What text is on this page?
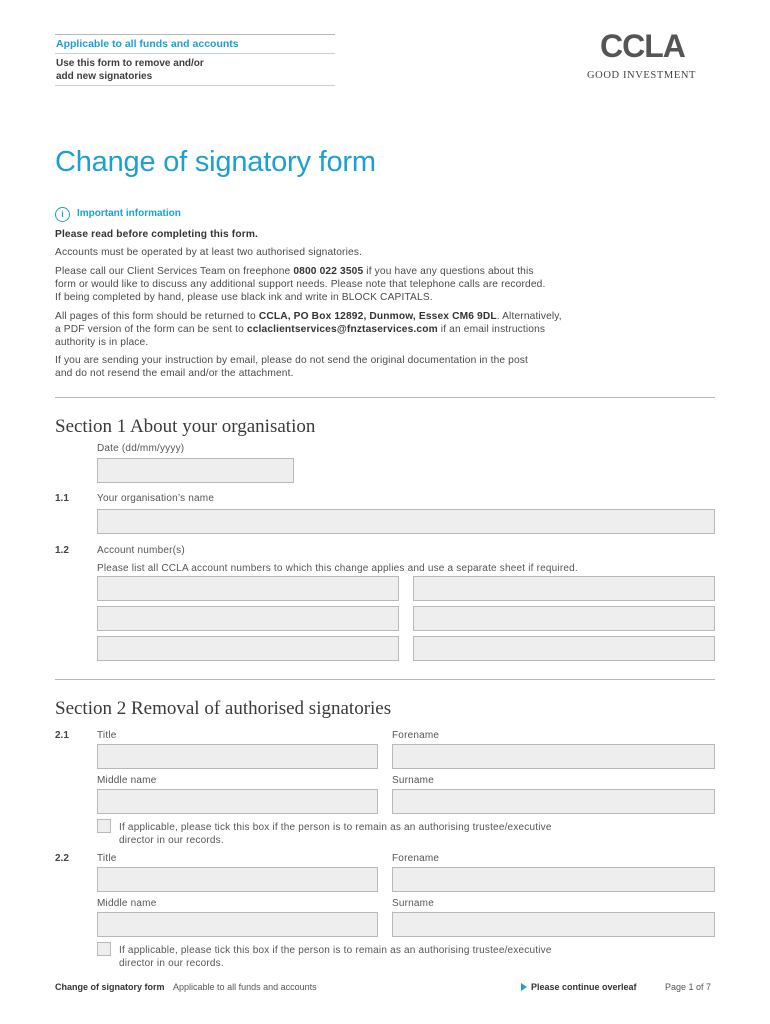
Applicable to all funds and accounts
Use this form to remove and/or
add new signatories
CCLA
GOOD INVESTMENT
Change of signatory form
i	Important information
Please read before completing this form.
Accounts must be operated by at least two authorised signatories.
Please call our Client Services Team on freephone 0800 022 3505 if you have any questions about this
form or would like to discuss any additional support needs. Please note that telephone calls are recorded.
If being completed by hand, please use black ink and write in BLOCK CAPITALS.
All pages of this form should be returned to CCLA, PO Box 12892, Dunmow, Essex CM6 9DL. Alternatively,
a PDF version of the form can be sent to cclaclientservices@fnztaservices.com if an email instructions
authority is in place.
If you are sending your instruction by email, please do not send the original documentation in the post
and do not resend the email and/or the attachment.
Section 1 About your organisation
Date (dd/mm/yyyy)
1.1	Your organisation’s name
1.2	Account number(s)
Please list all CCLA account numbers to which this change applies and use a separate sheet if required.
Section 2 Removal of authorised signatories
2.1	Title	Forename
Middle name	Surname
If applicable, please tick this box if the person is to remain as an authorising trustee/executive
director in our records.
2.2	Title	Forename
Middle name	Surname
If applicable, please tick this box if the person is to remain as an authorising trustee/executive
director in our records.
Change of signatory form Applicable to all funds and accounts	Please continue overleaf	Page 1 of 7
